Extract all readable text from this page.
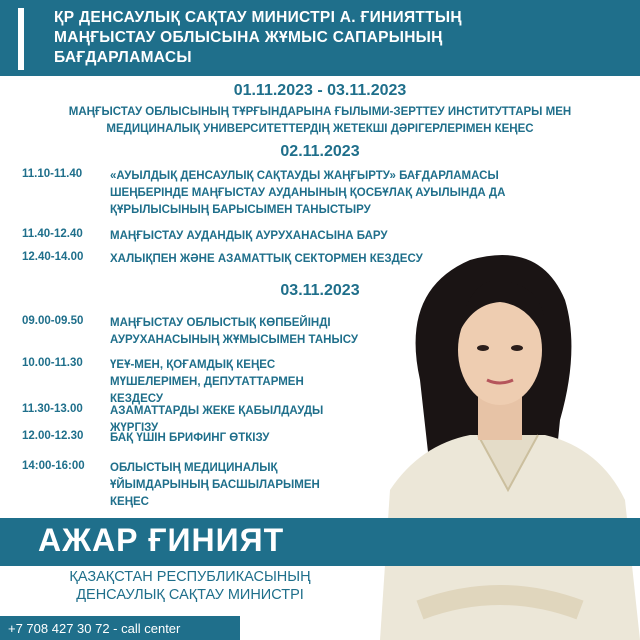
ҚР ДЕНСАУЛЫҚ САҚТАУ МИНИСТРІ А. ҒИНИЯТТЫҢ
МАҢҒЫСТАУ ОБЛЫСЫНА ЖҰМЫС САПАРЫНЫҢ
БАҒДАРЛАМАСЫ
01.11.2023 - 03.11.2023
МАҢҒЫСТАУ ОБЛЫСЫНЫҢ ТҰРҒЫНДАРЫНА ҒЫЛЫМИ-ЗЕРТТЕУ ИНСТИТУТТАРЫ МЕН МЕДИЦИНАЛЫҚ УНИВЕРСИТЕТТЕРДІҢ ЖЕТЕКШІ ДӘРІГЕРЛЕРІМЕН КЕҢЕС
02.11.2023
11.10-11.40 «АУЫЛДЫҚ ДЕНСАУЛЫҚ САҚТАУДЫ ЖАҢҒЫРТУ» БАҒДАРЛАМАСЫ ШЕҢБЕРІНДЕ МАҢҒЫСТАУ АУДАНЫНЫҢ ҚОСБҰЛАҚ АУЫЛЫНДА ДА ҚҰРЫЛЫСЫНЫҢ БАРЫСЫМЕН ТАНЫСТЫРУ
11.40-12.40 МАҢҒЫСТАУ АУДАНДЫҚ АУРУХАНАСЫНА БАРУ
12.40-14.00 ХАЛЫҚПЕН ЖӘНЕ АЗАМАТТЫҚ СЕКТОРМЕН КЕЗДЕСУ
03.11.2023
09.00-09.50 МАҢҒЫСТАУ ОБЛЫСТЫҚ КӨПБЕЙІНДІ АУРУХАНАСЫНЫҢ ЖҰМЫСЫМЕН ТАНЫСУ
10.00-11.30 ҮЕҰ-МЕН, ҚОҒАМДЫҚ КЕҢЕС МҮШЕЛЕРІМЕН, ДЕПУТАТТАРМЕН КЕЗДЕСУ
11.30-13.00 АЗАМАТТАРДЫ ЖЕКЕ ҚАБЫЛДАУДЫ ЖҮРГІЗУ
12.00-12.30 БАҚ ҮШІН БРИФИНГ ӨТКІЗУ
14:00-16:00 ОБЛЫСТЫҢ МЕДИЦИНАЛЫҚ ҰЙЫМДАРЫНЫҢ БАСШЫЛАРЫМЕН КЕҢЕС
АЖАР ҒИНИЯТ
ҚАЗАҚСТАН РЕСПУБЛИКАСЫНЫҢ ДЕНСАУЛЫҚ САҚТАУ МИНИСТРІ
+7 708 427 30 72 - call center
